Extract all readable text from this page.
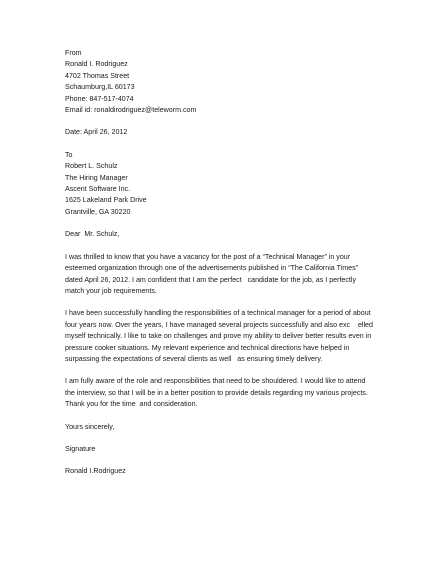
From
Ronald I. Rodriguez
4702 Thomas Street
Schaumburg,IL 60173
Phone: 847-517-4074
Email id: ronaldirodriguez@teleworm.com
Date: April 26, 2012
To
Robert L. Schulz
The Hiring Manager
Ascent Software Inc.
1625 Lakeland Park Drive
Grantville, GA 30220
Dear  Mr. Schulz,
I was thrilled to know that you have a vacancy for the post of a “Technical Manager” in your
esteemed organization through one of the advertisements published in “The California Times”
dated April 26, 2012. I am confident that I am the perfect   candidate for the job, as I perfectly
match your job requirements.
I have been successfully handling the responsibilities of a technical manager for a period of about
four years now. Over the years, I have managed several projects successfully and also exc    elled
myself technically. I like to take on challenges and prove my ability to deliver better results even in
pressure cooker situations. My relevant experience and technical directions have helped in
surpassing the expectations of several clients as well   as ensuring timely delivery.
I am fully aware of the role and responsibilities that need to be shouldered. I would like to attend
the interview, so that I will be in a better position to provide details regarding my various projects.
Thank you for the time  and consideration.
Yours sincerely,
Signature
Ronald I.Rodriguez
